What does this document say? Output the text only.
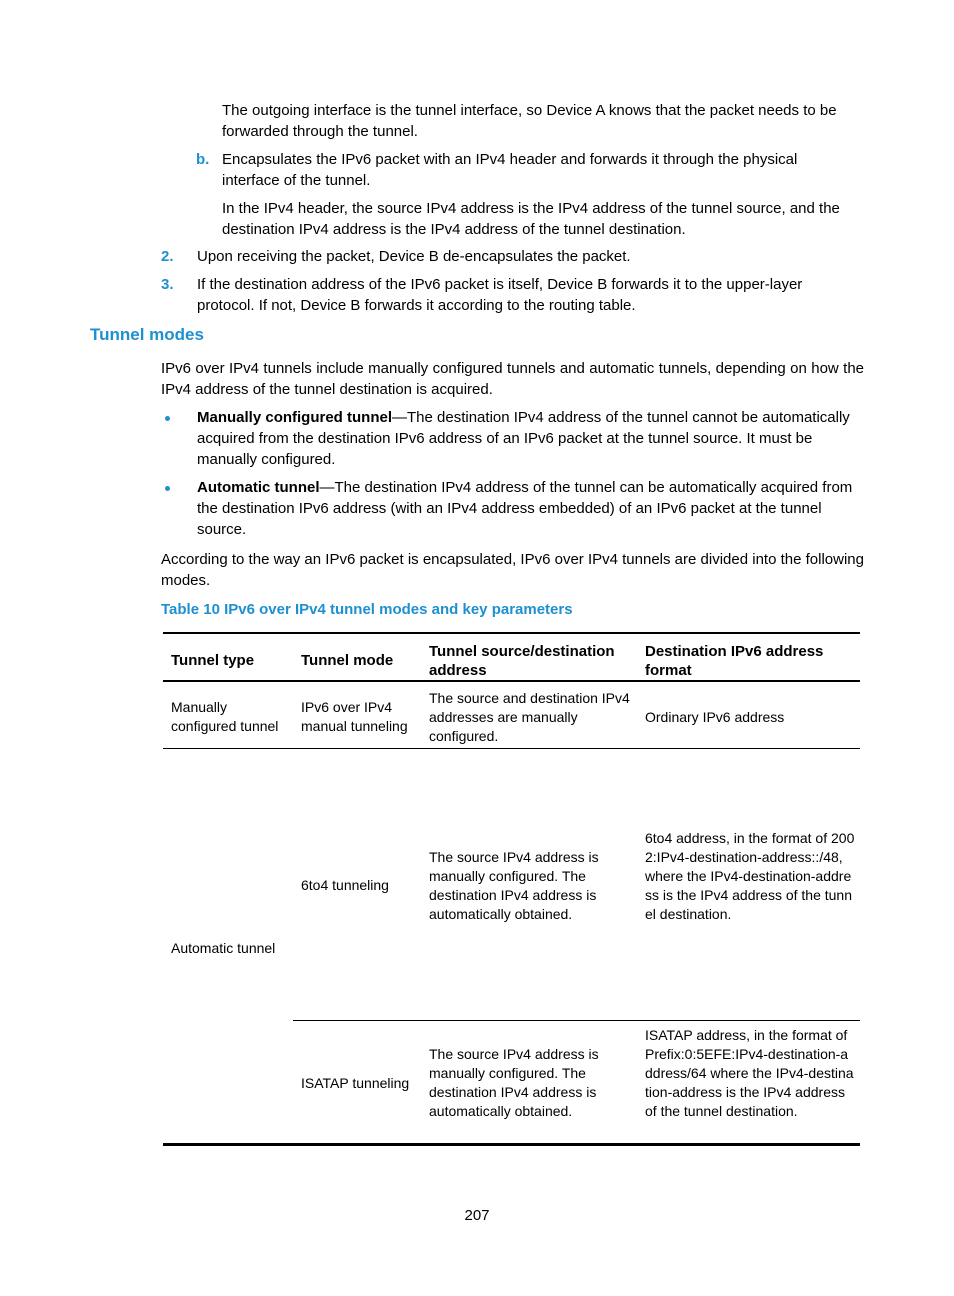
The outgoing interface is the tunnel interface, so Device A knows that the packet needs to be forwarded through the tunnel.

b. Encapsulates the IPv6 packet with an IPv4 header and forwards it through the physical interface of the tunnel.

In the IPv4 header, the source IPv4 address is the IPv4 address of the tunnel source, and the destination IPv4 address is the IPv4 address of the tunnel destination.

2. Upon receiving the packet, Device B de-encapsulates the packet.

3. If the destination address of the IPv6 packet is itself, Device B forwards it to the upper-layer protocol. If not, Device B forwards it according to the routing table.

Tunnel modes

IPv6 over IPv4 tunnels include manually configured tunnels and automatic tunnels, depending on how the IPv4 address of the tunnel destination is acquired.

Manually configured tunnel—The destination IPv4 address of the tunnel cannot be automatically acquired from the destination IPv6 address of an IPv6 packet at the tunnel source. It must be manually configured.

Automatic tunnel—The destination IPv4 address of the tunnel can be automatically acquired from the destination IPv6 address (with an IPv4 address embedded) of an IPv6 packet at the tunnel source.

According to the way an IPv6 packet is encapsulated, IPv6 over IPv4 tunnels are divided into the following modes.

Table 10 IPv6 over IPv4 tunnel modes and key parameters
Tunnel type	Tunnel mode
Tunnel source/destination address
Destination IPv6 address format
Manually configured tunnel
IPv6 over IPv4 manual tunneling
The source and destination IPv4 addresses are manually configured.
Ordinary IPv6 address
Automatic tunnel
6to4 tunneling
The source IPv4 address is manually configured. The destination IPv4 address is automatically obtained.
6to4 address, in the format of 2002:IPv4-destination-address::/48, where the IPv4-destination-address is the IPv4 address of the tunnel destination.
ISATAP tunneling
The source IPv4 address is manually configured. The destination IPv4 address is automatically obtained.
ISATAP address, in the format of Prefix:0:5EFE:IPv4-destination-address/64 where the IPv4-destination-address is the IPv4 address of the tunnel destination.
207
